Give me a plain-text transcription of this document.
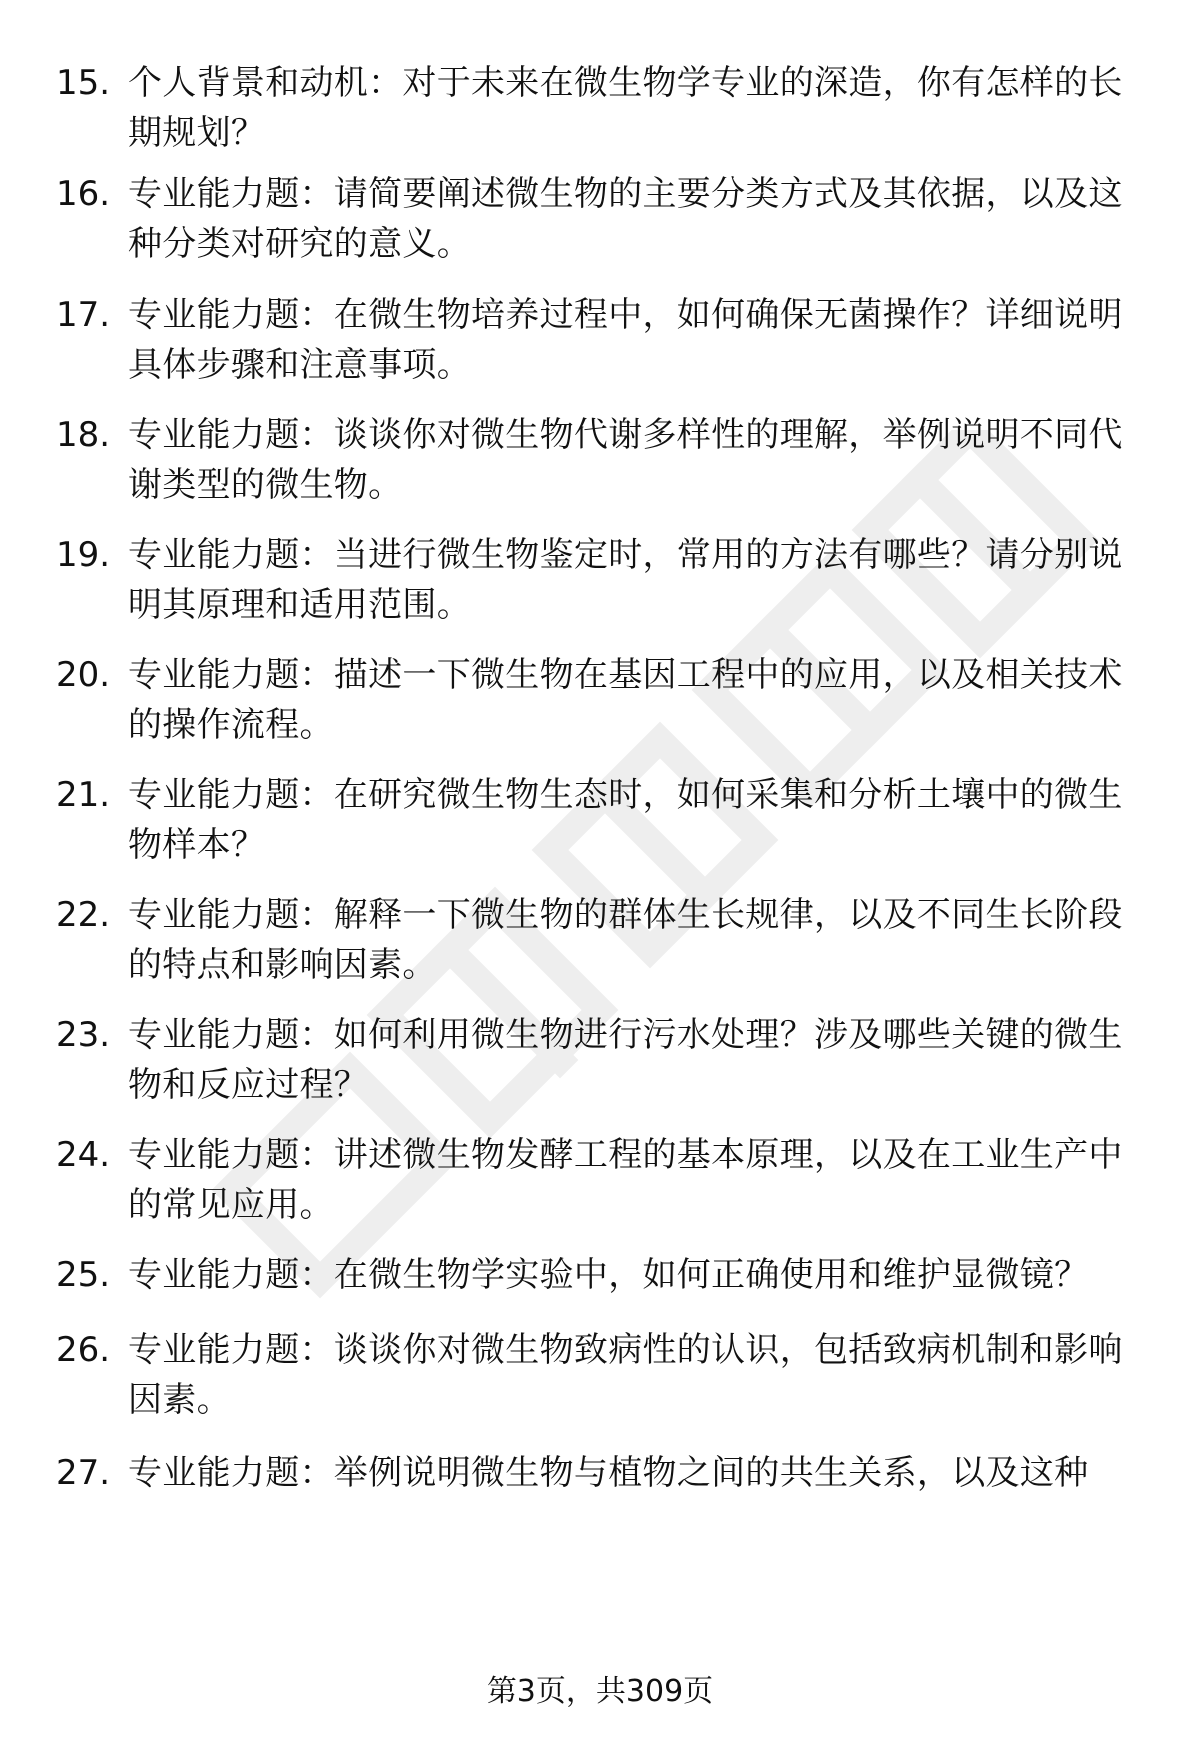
15. 个人背景和动机：对于未来在微生物学专业的深造，你有怎样的长期规划？
16. 专业能力题：请简要阐述微生物的主要分类方式及其依据，以及这种分类对研究的意义。
17. 专业能力题：在微生物培养过程中，如何确保无菌操作？详细说明具体步骤和注意事项。
18. 专业能力题：谈谈你对微生物代谢多样性的理解，举例说明不同代谢类型的微生物。
19. 专业能力题：当进行微生物鉴定时，常用的方法有哪些？请分别说明其原理和适用范围。
20. 专业能力题：描述一下微生物在基因工程中的应用，以及相关技术的操作流程。
21. 专业能力题：在研究微生物生态时，如何采集和分析土壤中的微生物样本？
22. 专业能力题：解释一下微生物的群体生长规律，以及不同生长阶段的特点和影响因素。
23. 专业能力题：如何利用微生物进行污水处理？涉及哪些关键的微生物和反应过程？
24. 专业能力题：讲述微生物发酵工程的基本原理，以及在工业生产中的常见应用。
25. 专业能力题：在微生物学实验中，如何正确使用和维护显微镜？
26. 专业能力题：谈谈你对微生物致病性的认识，包括致病机制和影响因素。
27. 专业能力题：举例说明微生物与植物之间的共生关系，以及这种
第3页，共309页
